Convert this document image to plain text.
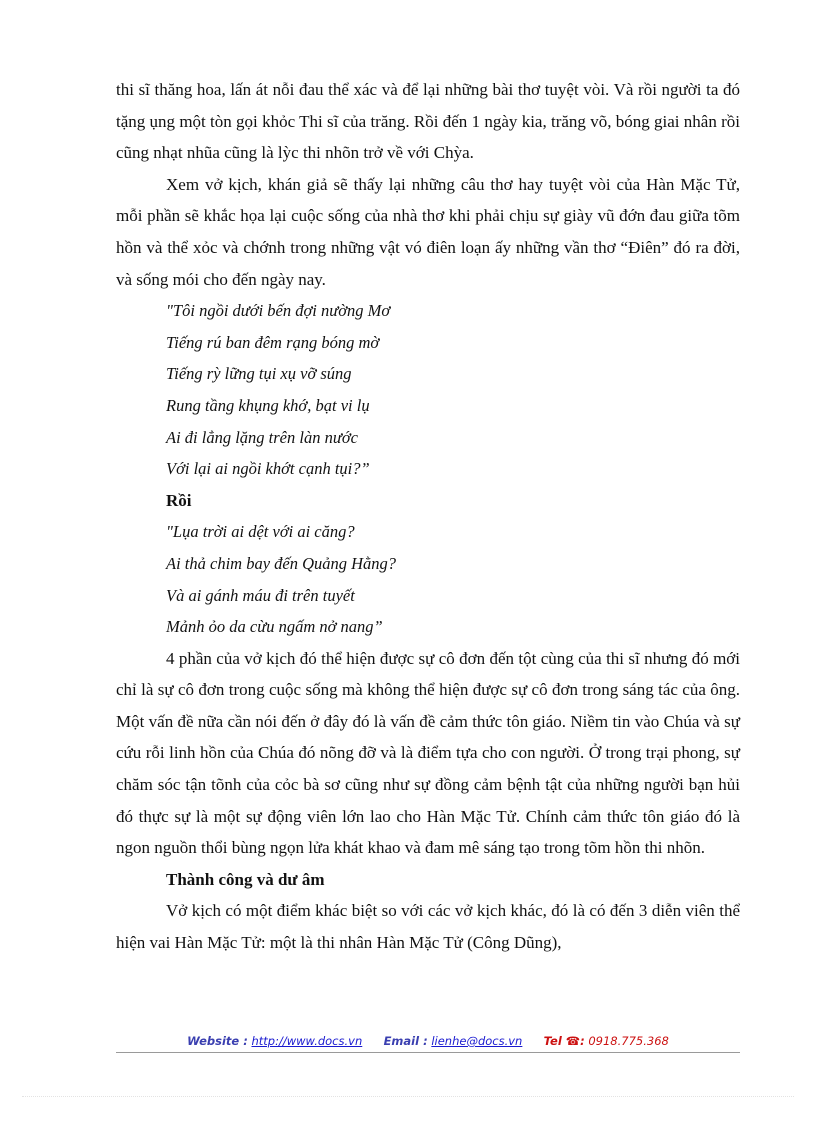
thi sĩ thăng hoa, lấn át nỗi đau thể xác và để lại những bài thơ tuyệt vòi. Và rồi người ta đó tặng ụng một tòn gọi khỏc Thi sĩ của trăng. Rồi đến 1 ngày kia, trăng võ, bóng giai nhân rồi cũng nhạt nhũa cũng là lỳc thi nhõn trở về với Chỳa.

Xem vở kịch, khán giả sẽ thấy lại những câu thơ hay tuyệt vòi của Hàn Mặc Tử, mỗi phần sẽ khắc họa lại cuộc sống của nhà thơ khi phải chịu sự giày vũ đớn đau giữa tõm hồn và thể xỏc và chớnh trong những vật vó điên loạn ấy những vần thơ “Điên” đó ra đời, và sống mói cho đến ngày nay.

"Tôi ngồi dưới bến đợi nường Mơ

Tiếng rú ban đêm rạng bóng mờ

Tiếng rỳ lững tụi xụ vỡ súng

Rung tầng khụng khớ, bạt vi lụ

Ai đi lẳng lặng trên làn nước

Với lại ai ngồi khớt cạnh tụi?”

Rồi

"Lụa trời ai dệt với ai căng?

Ai thả chim bay đến Quảng Hằng?

Và ai gánh máu đi trên tuyết

Mảnh ỏo da cừu ngấm nở nang”

4 phần của vở kịch đó thể hiện được sự cô đơn đến tột cùng của thi sĩ nhưng đó mới chỉ là sự cô đơn trong cuộc sống mà không thể hiện được sự cô đơn trong sáng tác của ông. Một vấn đề nữa cần nói đến ở đây đó là vấn đề cảm thức tôn giáo. Niềm tin vào Chúa và sự cứu rỗi linh hồn của Chúa đó nõng đỡ và là điểm tựa cho con người. Ở trong trại phong, sự chăm sóc tận tõnh của cỏc bà sơ cũng như sự đồng cảm bệnh tật của những người bạn hủi đó thực sự là một sự động viên lớn lao cho Hàn Mặc Tử. Chính cảm thức tôn giáo đó là ngon nguồn thổi bùng ngọn lửa khát khao và đam mê sáng tạo trong tõm hồn thi nhõn.

Thành công và dư âm

Vở kịch có một điểm khác biệt so với các vở kịch khác, đó là có đến 3 diễn viên thể hiện vai Hàn Mặc Tử: một là thi nhân Hàn Mặc Tử (Công Dũng),

Website : http://www.docs.vn Email : lienhe@docs.vn Tel ☎: 0918.775.368
